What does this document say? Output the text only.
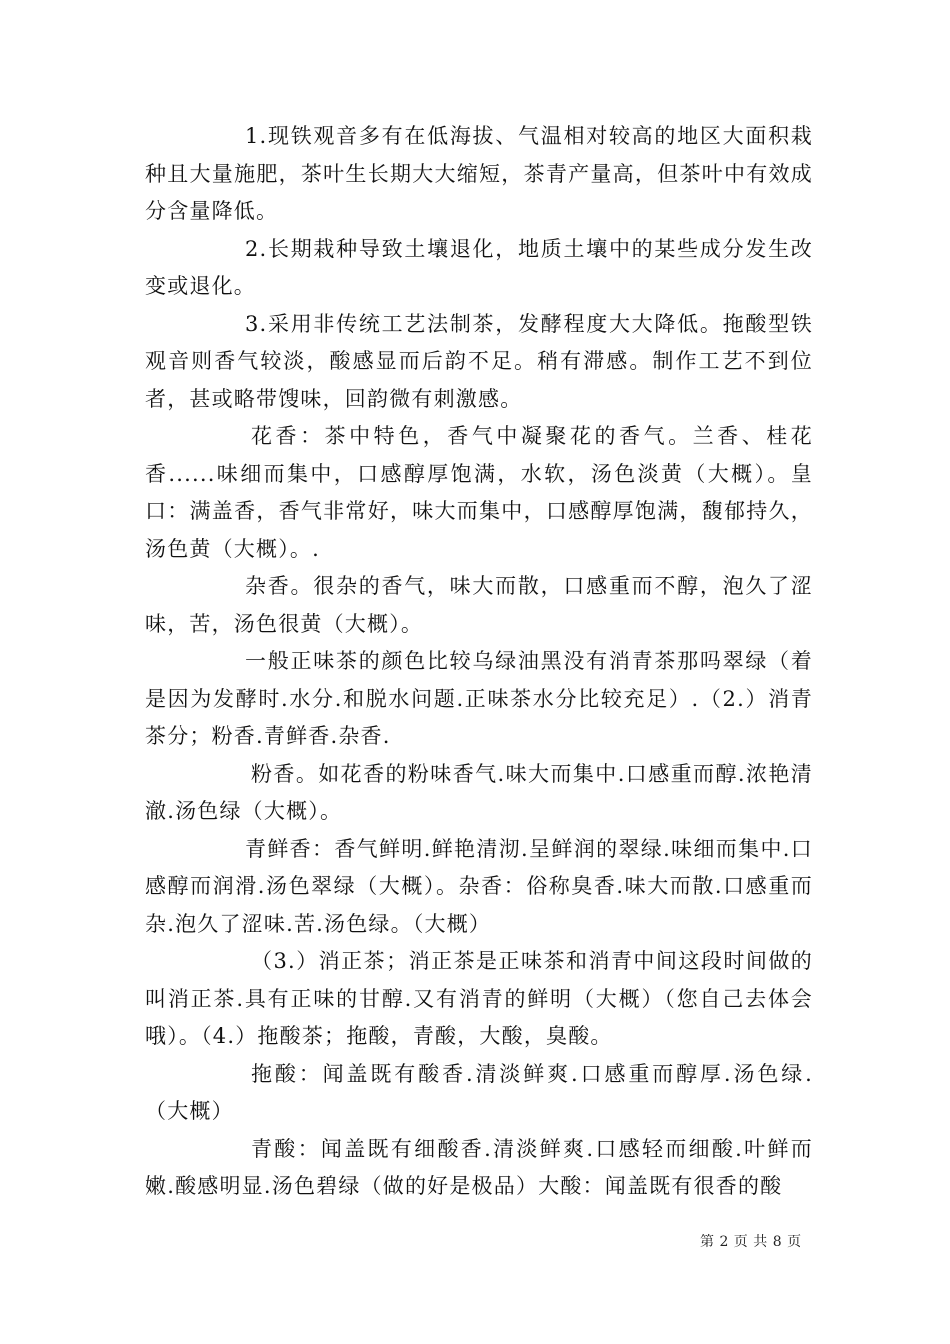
1.现铁观音多有在低海拔、气温相对较高的地区大面积栽种且大量施肥，茶叶生长期大大缩短，茶青产量高，但茶叶中有效成分含量降低。

2.长期栽种导致土壤退化，地质土壤中的某些成分发生改变或退化。

3.采用非传统工艺法制茶，发酵程度大大降低。拖酸型铁观音则香气较淡，酸感显而后韵不足。稍有滞感。制作工艺不到位者，甚或略带馊味，回韵微有刺激感。

花香：茶中特色，香气中凝聚花的香气。兰香、桂花香......味细而集中，口感醇厚饱满，水软，汤色淡黄（大概）。皇口：满盖香，香气非常好，味大而集中，口感醇厚饱满，馥郁持久，汤色黄（大概）。.

杂香。很杂的香气，味大而散，口感重而不醇，泡久了涩味，苦，汤色很黄（大概）。

一般正味茶的颜色比较乌绿油黑没有消青茶那吗翠绿（着是因为发酵时.水分.和脱水问题.正味茶水分比较充足）.（2.）消青茶分；粉香.青鲜香.杂香.

粉香。如花香的粉味香气.味大而集中.口感重而醇.浓艳清澈.汤色绿（大概）。

青鲜香：香气鲜明.鲜艳清沏.呈鲜润的翠绿.味细而集中.口感醇而润滑.汤色翠绿（大概）。杂香：俗称臭香.味大而散.口感重而杂.泡久了涩味.苦.汤色绿。（大概）

（3.）消正茶；消正茶是正味茶和消青中间这段时间做的叫消正茶.具有正味的甘醇.又有消青的鲜明（大概）（您自己去体会哦）。（4.）拖酸茶；拖酸，青酸，大酸，臭酸。

拖酸：闻盖既有酸香.清淡鲜爽.口感重而醇厚.汤色绿.（大概）

青酸：闻盖既有细酸香.清淡鲜爽.口感轻而细酸.叶鲜而嫩.酸感明显.汤色碧绿（做的好是极品）大酸：闻盖既有很香的酸

第 2 页 共 8 页
